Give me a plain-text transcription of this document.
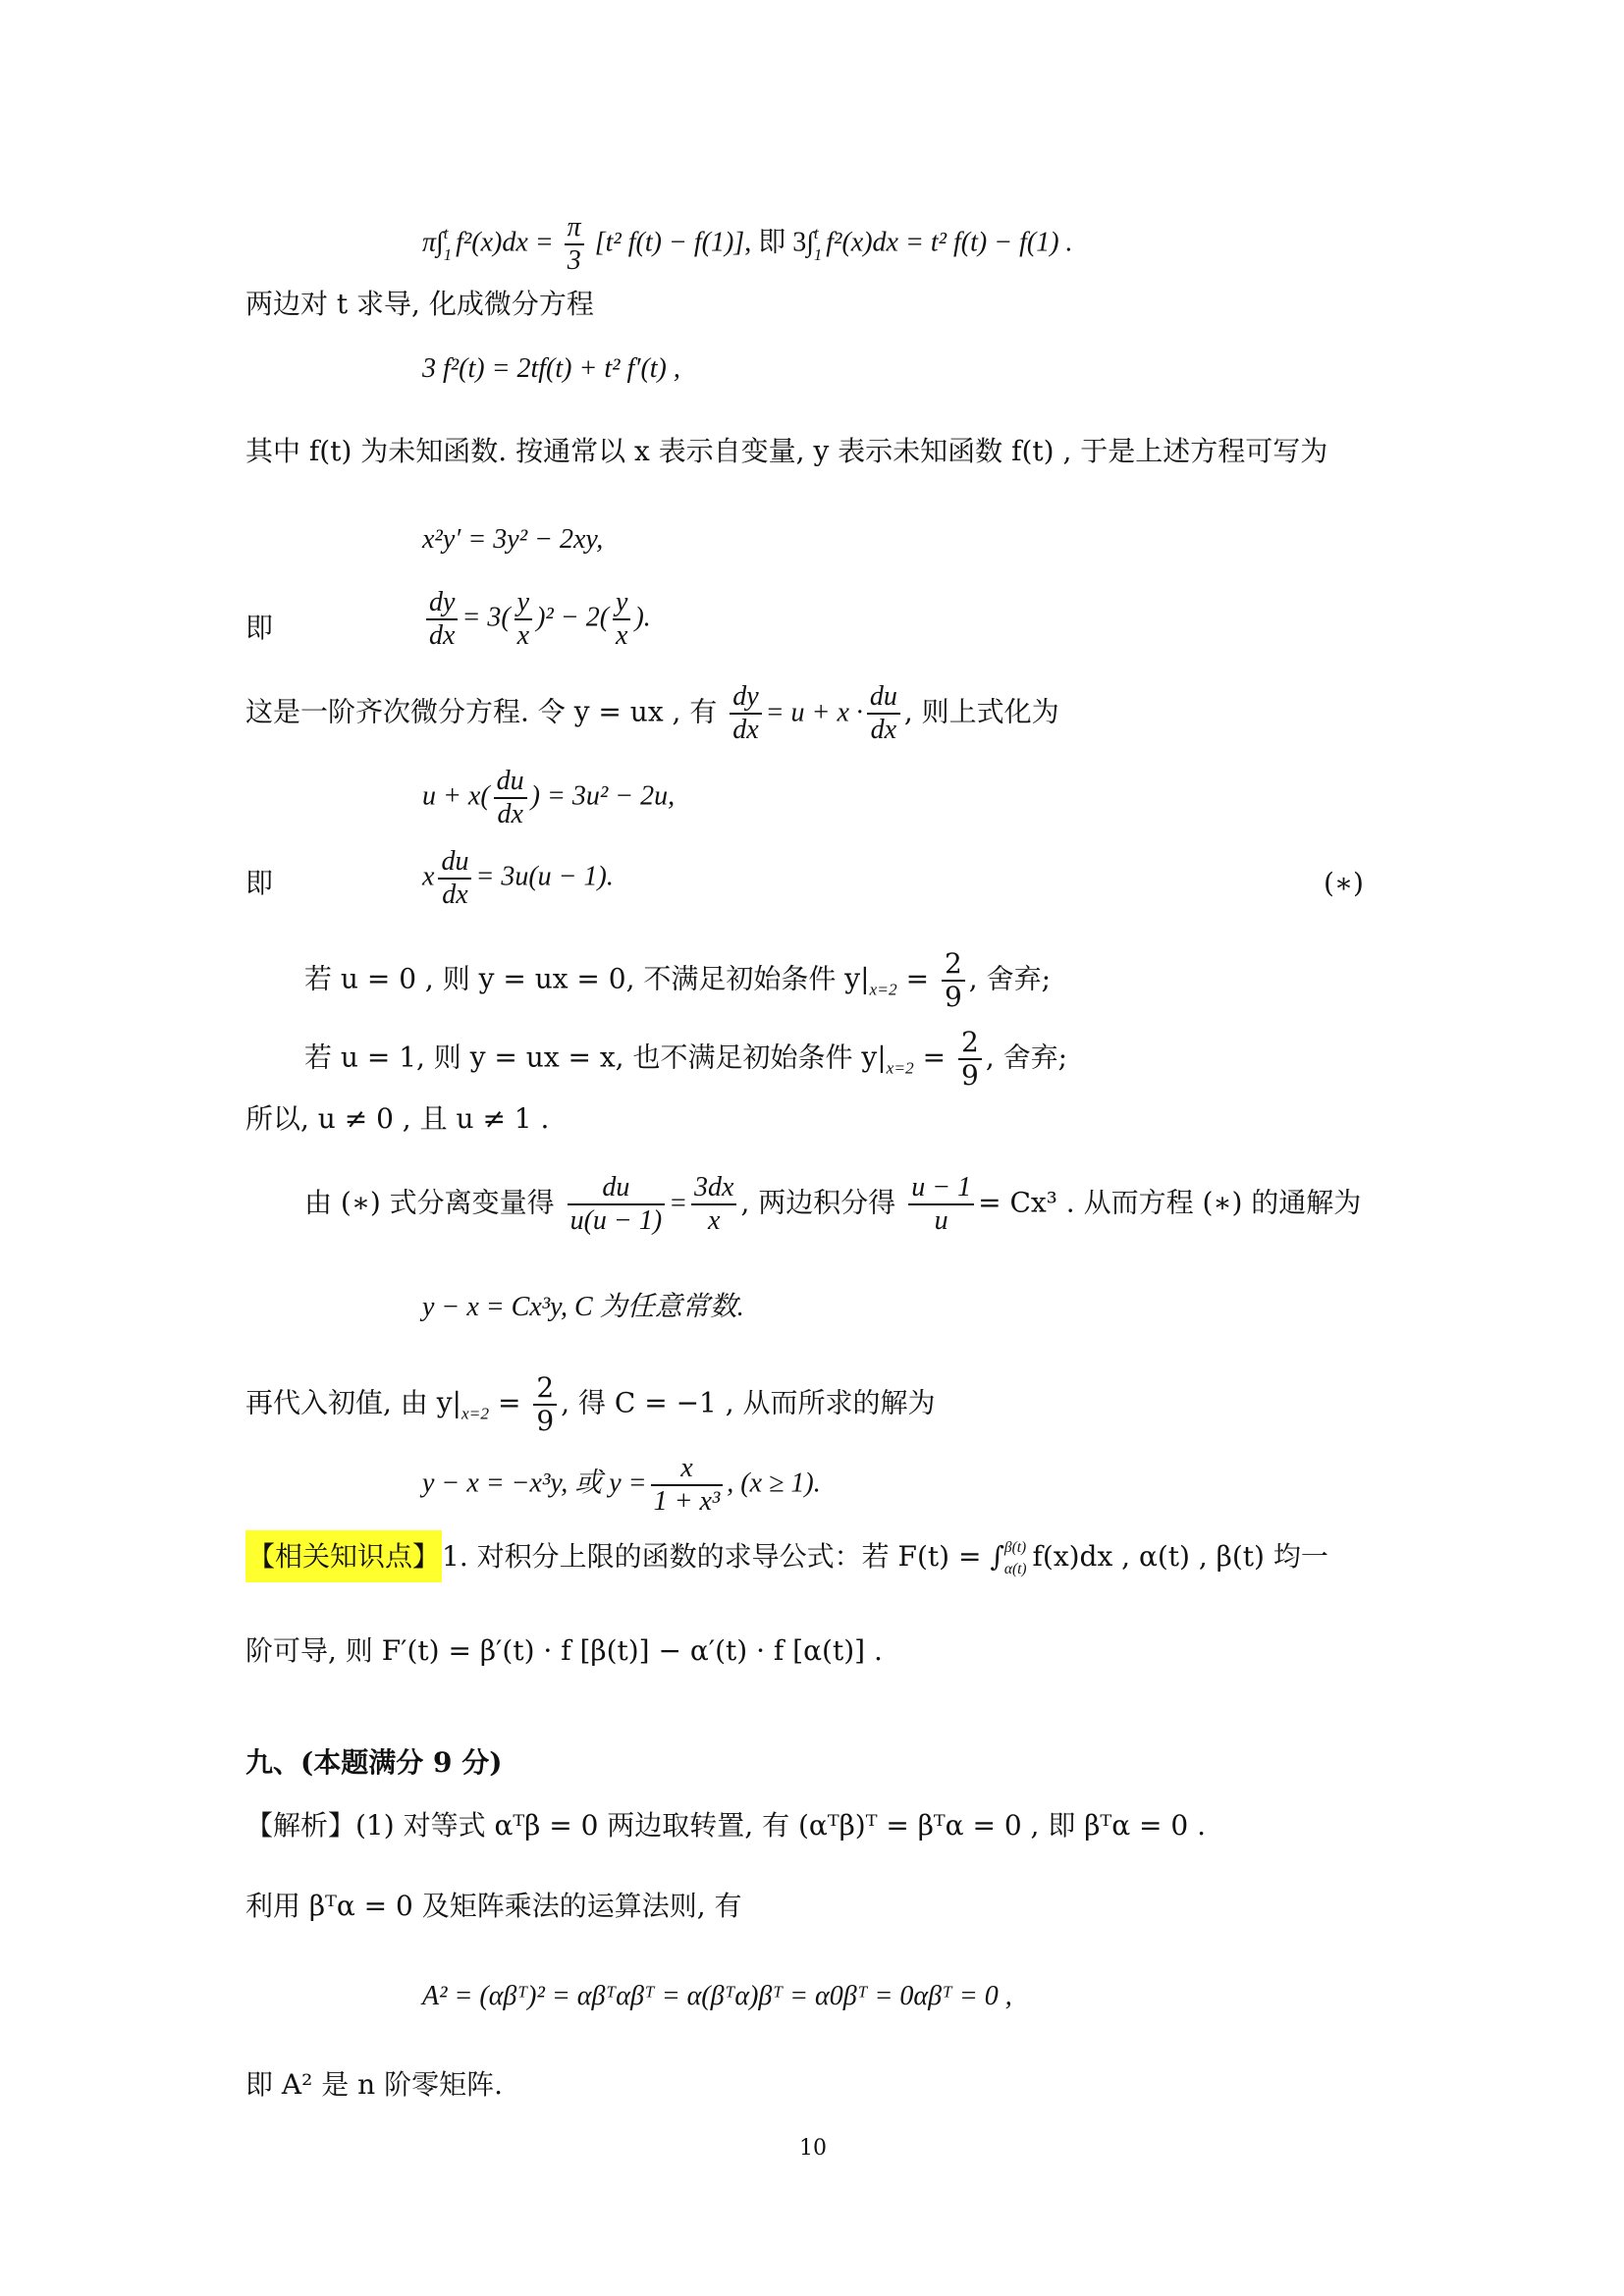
π∫ t
1 $f^2(x)dx = \frac{\pi}{3} [t^2$ f(t) − f(1)], 即 3∫ t
1 f²(x)dx = t² f(t) − f(1) .
两边对 t 求导, 化成微分方程
3 f²(t) = 2tf(t) + t² f′(t) ,
其中 f(t) 为未知函数. 按通常以 x 表示自变量, y 表示未知函数 f(t) , 于是上述方程可写为
x²y′ = 3y² − 2xy,
即	$\frac{dy}{dx} = 3( \frac{y}{x} )^2 - 2( \frac{y}{x}$ ).
这是一阶齐次微分方程. 令 y = ux , 有 $\frac{dy}{dx} = u + x \cdot \frac{du}{dx}$ , 则上式化为
$u + x( \frac{du}{dx}$ ) = 3u² − 2u,
即	x $\frac{du}{dx} = 3u(u - 1)$.	(∗)
若 u = 0 , 则 y = ux = 0, 不满足初始条件 $y|_{x=2} = \frac{2}{9}$ , 舍弃;
若 u = 1, 则 y = ux = x, 也不满足初始条件 $y|_{x=2} = \frac{2}{9}$ , 舍弃;
所以, u ≠ 0 , 且 u ≠ 1 .
由 (∗) 式分离变量得 $\frac{du}{u(u - 1)} = \frac{3dx}{x}$ , 两边积分得 $\frac{u - 1}{u} = Cx^3$ . 从而方程 (∗) 的通解为
y − x = Cx³y, C 为任意常数.
再代入初值, 由 $y|_{x=2} = \frac{2}{9}$ , 得 C = −1 , 从而所求的解为
y − x = −x³y, 或 $y = \frac{x}{\text{1 + x³}}$ , (x ≥ 1).
【相关知识点】1. 对积分上限的函数的求导公式：若 F(t) = ∫ β(t)
α(t) f(x)dx , α(t) , β(t) 均一
阶可导, 则 F′(t) = β′(t) · f [β(t)] − α′(t) · f [α(t)] .
九、(本题满分 9 分)
【解析】(1) 对等式 αᵀβ = 0 两边取转置, 有 (αᵀβ)ᵀ = βᵀα = 0 , 即 βᵀα = 0 .
利用 βᵀα = 0 及矩阵乘法的运算法则, 有
A² = (αβᵀ)² = αβᵀαβᵀ = α(βᵀα)βᵀ = α0βᵀ = 0αβᵀ = 0 ,
即 A² 是 n 阶零矩阵.
10
